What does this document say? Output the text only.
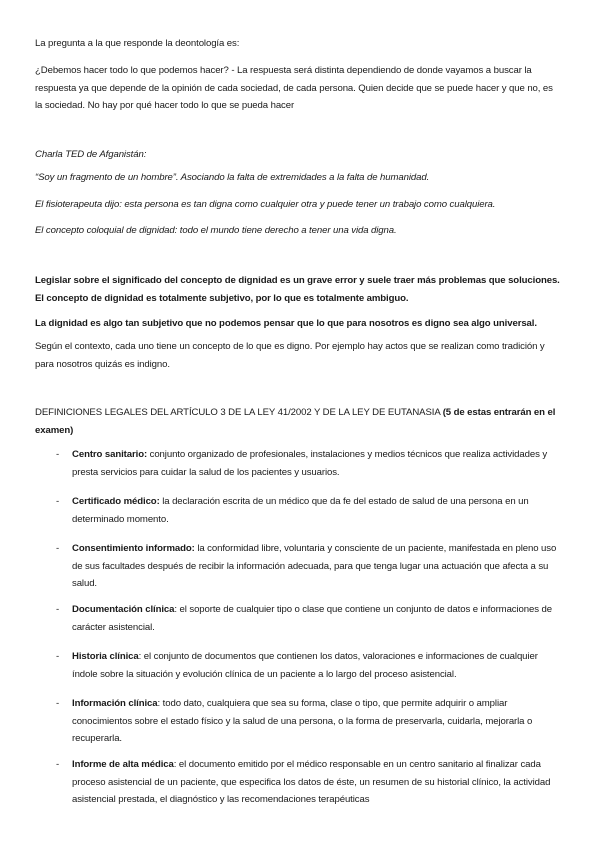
La pregunta a la que responde la deontología es:

¿Debemos hacer todo lo que podemos hacer? - La respuesta será distinta dependiendo de donde vayamos a buscar la respuesta ya que depende de la opinión de cada sociedad, de cada persona. Quien decide que se puede hacer y que no, es la sociedad. No hay por qué hacer todo lo que se pueda hacer

Charla TED de Afganistán:

“Soy un fragmento de un hombre”. Asociando la falta de extremidades a la falta de humanidad.

El fisioterapeuta dijo: esta persona es tan digna como cualquier otra y puede tener un trabajo como cualquiera.

El concepto coloquial de dignidad: todo el mundo tiene derecho a tener una vida digna.

Legislar sobre el significado del concepto de dignidad es un grave error y suele traer más problemas que soluciones. El concepto de dignidad es totalmente subjetivo, por lo que es totalmente ambiguo.

La dignidad es algo tan subjetivo que no podemos pensar que lo que para nosotros es digno sea algo universal.

Según el contexto, cada uno tiene un concepto de lo que es digno. Por ejemplo hay actos que se realizan como tradición y para nosotros quizás es indigno.

DEFINICIONES LEGALES DEL ARTÍCULO 3 DE LA LEY 41/2002 Y DE LA LEY DE EUTANASIA (5 de estas entrarán en el examen)

- Centro sanitario: conjunto organizado de profesionales, instalaciones y medios técnicos que realiza actividades y presta servicios para cuidar la salud de los pacientes y usuarios.

- Certificado médico: la declaración escrita de un médico que da fe del estado de salud de una persona en un determinado momento.

- Consentimiento informado: la conformidad libre, voluntaria y consciente de un paciente, manifestada en pleno uso de sus facultades después de recibir la información adecuada, para que tenga lugar una actuación que afecta a su salud.

- Documentación clínica: el soporte de cualquier tipo o clase que contiene un conjunto de datos e informaciones de carácter asistencial.

- Historia clínica: el conjunto de documentos que contienen los datos, valoraciones e informaciones de cualquier índole sobre la situación y evolución clínica de un paciente a lo largo del proceso asistencial.

- Información clínica: todo dato, cualquiera que sea su forma, clase o tipo, que permite adquirir o ampliar conocimientos sobre el estado físico y la salud de una persona, o la forma de preservarla, cuidarla, mejorarla o recuperarla.

- Informe de alta médica: el documento emitido por el médico responsable en un centro sanitario al finalizar cada proceso asistencial de un paciente, que especifica los datos de éste, un resumen de su historial clínico, la actividad asistencial prestada, el diagnóstico y las recomendaciones terapéuticas
